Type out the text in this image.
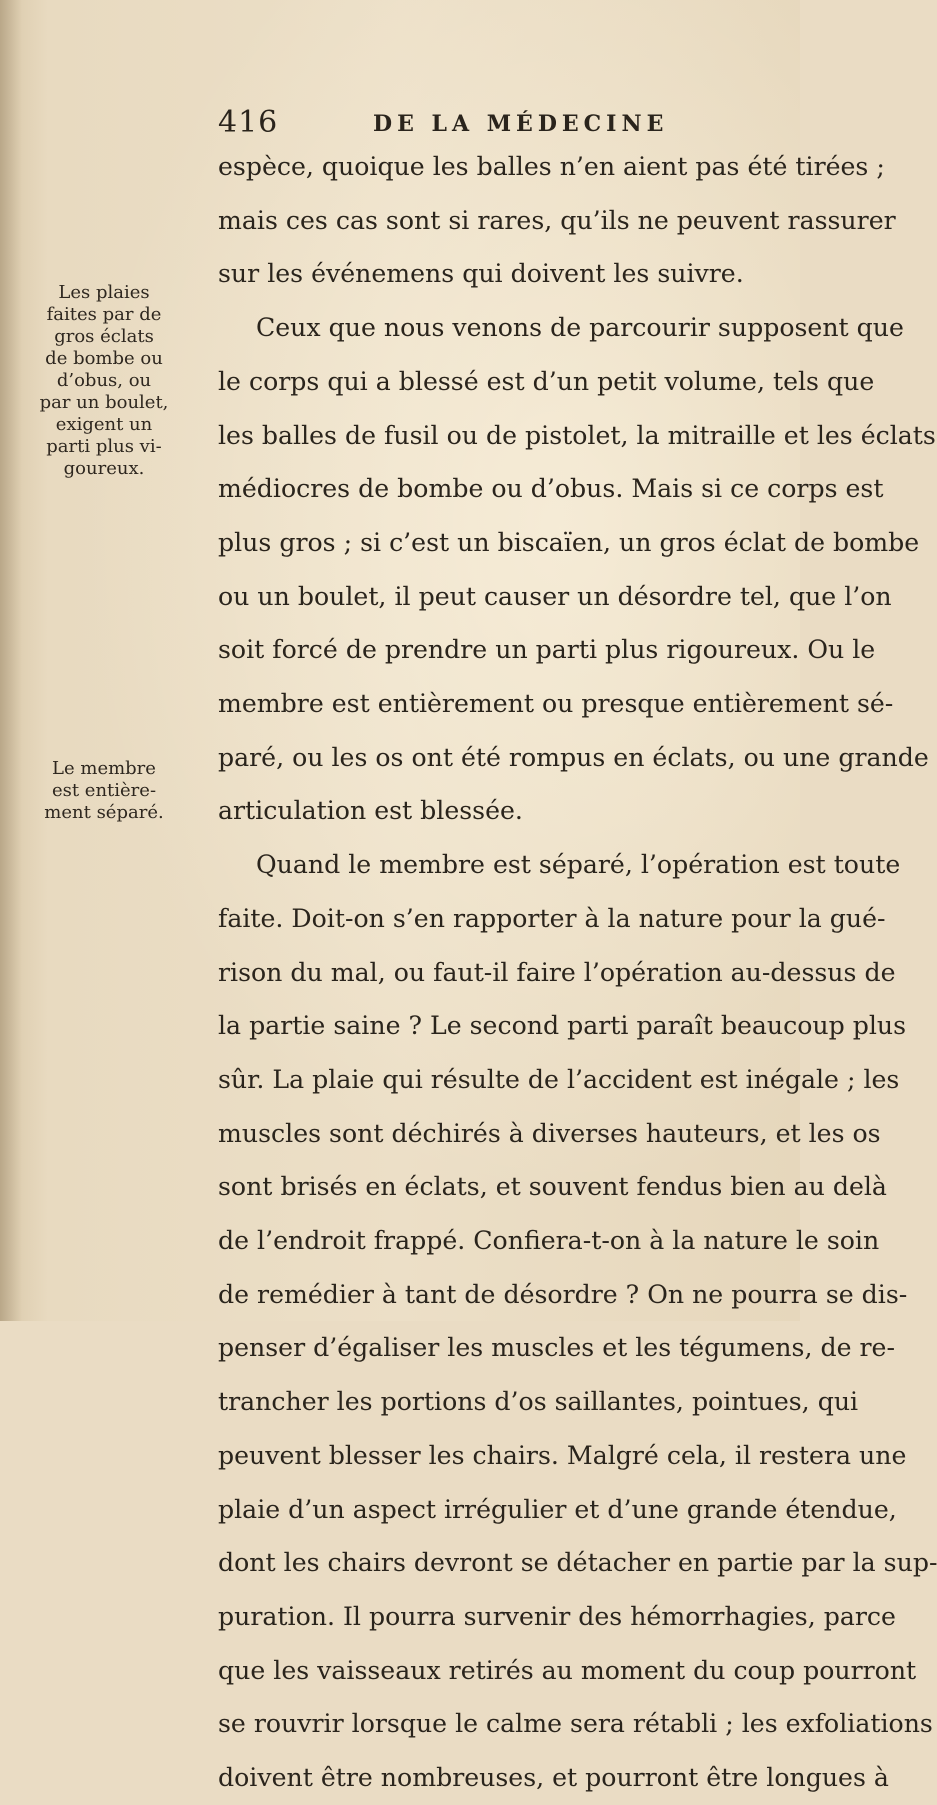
416	DE LA MÉDECINE
Les plaies
faites par de
gros éclats
de bombe ou
d’obus, ou
par un boulet,
exigent un
parti plus vi-
goureux.
Le membre
est entière-
ment séparé.
espèce, quoique les balles n’en aient pas été tirées ;
mais ces cas sont si rares, qu’ils ne peuvent rassurer
sur les événemens qui doivent les suivre.
Ceux que nous venons de parcourir supposent que
le corps qui a blessé est d’un petit volume, tels que
les balles de fusil ou de pistolet, la mitraille et les éclats
médiocres de bombe ou d’obus. Mais si ce corps est
plus gros ; si c’est un biscaïen, un gros éclat de bombe
ou un boulet, il peut causer un désordre tel, que l’on
soit forcé de prendre un parti plus rigoureux. Ou le
membre est entièrement ou presque entièrement sé-
paré, ou les os ont été rompus en éclats, ou une grande
articulation est blessée.
Quand le membre est séparé, l’opération est toute
faite. Doit-on s’en rapporter à la nature pour la gué-
rison du mal, ou faut-il faire l’opération au-dessus de
la partie saine ? Le second parti paraît beaucoup plus
sûr. La plaie qui résulte de l’accident est inégale ; les
muscles sont déchirés à diverses hauteurs, et les os
sont brisés en éclats, et souvent fendus bien au delà
de l’endroit frappé. Confiera-t-on à la nature le soin
de remédier à tant de désordre ? On ne pourra se dis-
penser d’égaliser les muscles et les tégumens, de re-
trancher les portions d’os saillantes, pointues, qui
peuvent blesser les chairs. Malgré cela, il restera une
plaie d’un aspect irrégulier et d’une grande étendue,
dont les chairs devront se détacher en partie par la sup-
puration. Il pourra survenir des hémorrhagies, parce
que les vaisseaux retirés au moment du coup pourront
se rouvrir lorsque le calme sera rétabli ; les exfoliations
doivent être nombreuses, et pourront être longues à
